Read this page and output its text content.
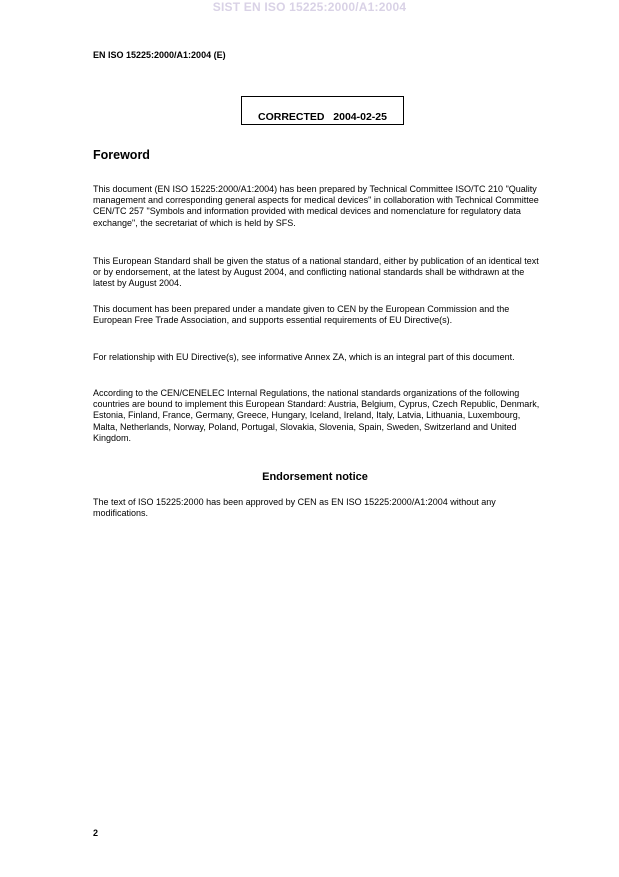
SIST EN ISO 15225:2000/A1:2004
EN ISO 15225:2000/A1:2004 (E)
CORRECTED   2004-02-25
Foreword

This document (EN ISO 15225:2000/A1:2004) has been prepared by Technical Committee ISO/TC 210 "Quality management and corresponding general aspects for medical devices" in collaboration with Technical Committee CEN/TC 257 "Symbols and information provided with medical devices and nomenclature for regulatory data exchange", the secretariat of which is held by SFS.

This European Standard shall be given the status of a national standard, either by publication of an identical text or by endorsement, at the latest by August 2004, and conflicting national standards shall be withdrawn at the latest by August 2004.

This document has been prepared under a mandate given to CEN by the European Commission and the European Free Trade Association, and supports essential requirements of EU Directive(s).

For relationship with EU Directive(s), see informative Annex ZA, which is an integral part of this document.

According to the CEN/CENELEC Internal Regulations, the national standards organizations of the following countries are bound to implement this European Standard: Austria, Belgium, Cyprus, Czech Republic, Denmark, Estonia, Finland, France, Germany, Greece, Hungary, Iceland, Ireland, Italy, Latvia, Lithuania, Luxembourg, Malta, Netherlands, Norway, Poland, Portugal, Slovakia, Slovenia, Spain, Sweden, Switzerland and United Kingdom.

Endorsement notice

The text of ISO 15225:2000 has been approved by CEN as EN ISO 15225:2000/A1:2004 without any modifications.

2
